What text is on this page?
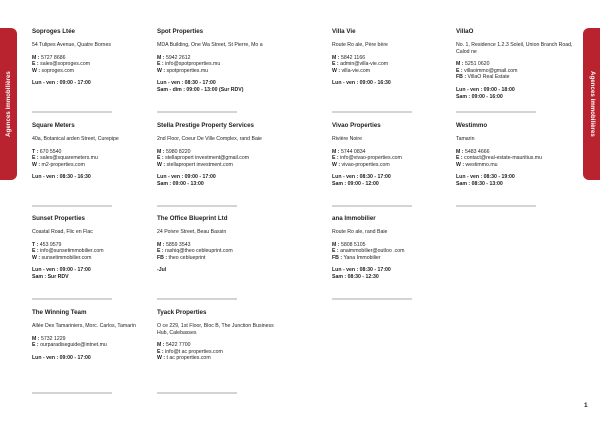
Agences immobilières	Agences immobilières
Soproges Ltée
54 Tulipes Avenue, Quatre Bornes
M : 5727 8686
E : sales@soproges.com
W : soproges.com
Lun - ven : 09:00 - 17:00
Square Meters
40a, Botanical arden Street, Curepipe
T : 670 5540
E : sales@squaremeters.mu
W : m2-properties.com
Lun - ven : 08:30 - 16:30
Sunset Properties
Coastal Road, Flic en Flac
T : 453 9579
E : info@sunsetimmobilier.com
W : sunsetimmobilier.com
Lun - ven : 09:00 - 17:00
Sam : Sur RDV
The Winning Team
Allée Des Tamariniers, Morc. Carlos, Tamarin
M : 5732 1229
E : ourparadiseguide@intnet.mu
Lun - ven : 09:00 - 17:00
Spot Properties
MDA Building, One Wa Street, St Pierre, Mo a
M : 5942 2612
E : info@spotproperties.mu
W : spotproperties.mu
Lun - ven : 08:30 - 17:00
Sam - dim : 09:00 - 13:00 (Sur RDV)
Stella Prestige Property Services
2nd Floor, Coeur De Ville Complex, rand Baie
M : 5980 8220
E : stellapropert investment@gmail.com
W : stellapropert investment.com
Lun - ven : 09:00 - 17:00
Sam : 09:00 - 13:00
The Office Blueprint Ltd
24 Poivre Street, Beau Bassin
M : 5859 3543
E : rashiq@theo cebleuprint.com
FB : theo ceblueprint
-Jul
Tyack Properties
O ce 229, 1st Floor, Bloc B, The Junction Business Hub, Calebasses
M : 5422 7700
E : info@t ac properties.com
W : t ac properties.com
Villa Vie
Route Ro ale, Père bère
M : 5842 1166
E : admin@villa-vie.com
W : villa-vie.com
Lun - ven : 09:00 - 16:30
Vivao Properties
Rivière Noire
M : 5744 0834
E : info@vivao-properties.com
W : vivao-properties.com
Lun - ven : 08:30 - 17:00
Sam : 09:00 - 12:00
ana Immobilier
Route Ro ale, rand Baie
M : 5808 5105
E : anaimmobilier@outloo .com
FB : Yana Immobilier
Lun - ven : 08:30 - 17:00
Sam : 08:30 - 12:30
VillaO
No. 1, Residence 1.2.3 Soleil, Union Branch Road, Calod ne
M : 5251 0620
E : villaoimmo@gmail.com
FB : VillaO Real Estate
Lun - ven : 09:00 - 18:00
Sam : 09:00 - 16:00
Westimmo
Tamarin
M : 5483 4666
E : contact@real-estate-mauritius.mu
W : westimmo.mu
Lun - ven : 08:30 - 19:00
Sam : 08:30 - 13:00
1
